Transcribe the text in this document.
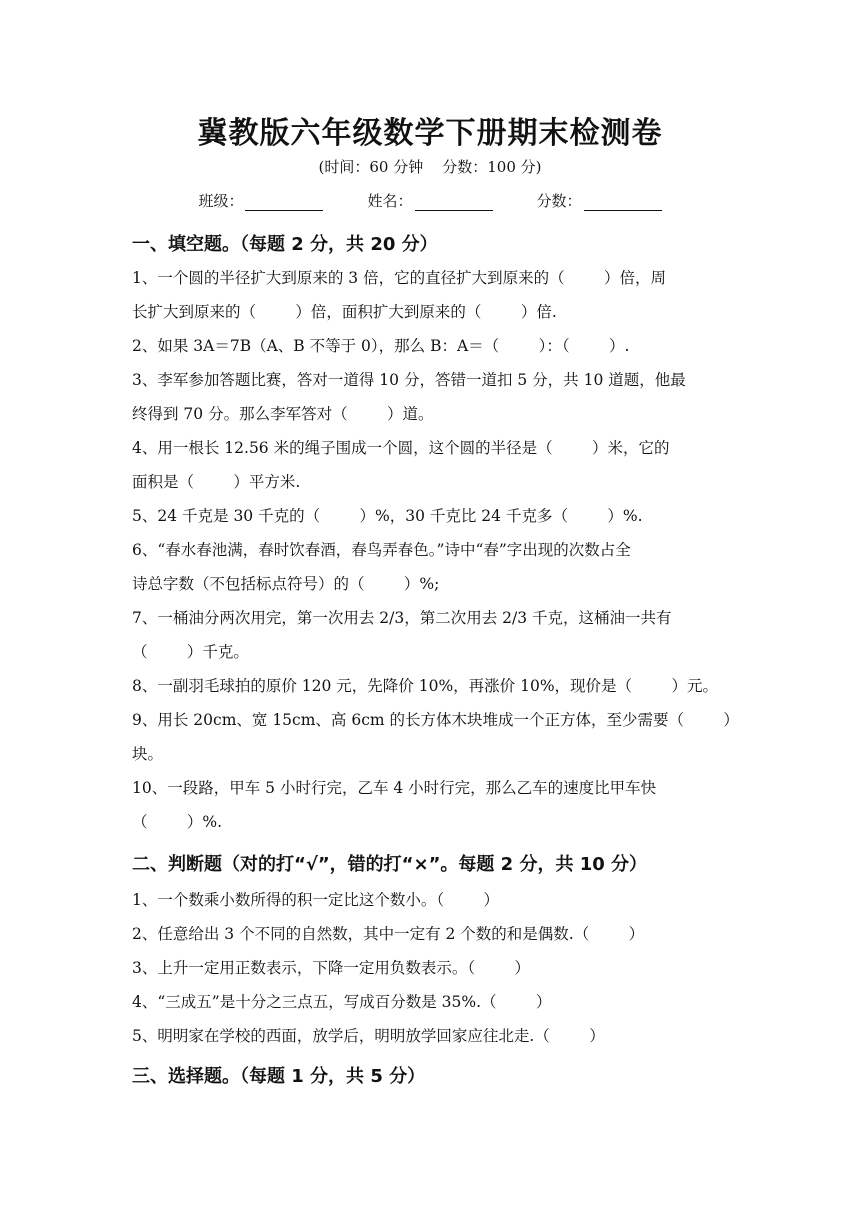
冀教版六年级数学下册期末检测卷
(时间：60 分钟    分数：100 分)
班级：	姓名：	分数：
一、填空题。（每题 2 分，共 20 分）
1、一个圆的半径扩大到原来的 3 倍，它的直径扩大到原来的（        ）倍，周
长扩大到原来的（        ）倍，面积扩大到原来的（        ）倍.
2、如果 3A＝7B（A、B 不等于 0），那么 B：A＝（        ）：（        ）.
3、李军参加答题比赛，答对一道得 10 分，答错一道扣 5 分，共 10 道题，他最
终得到 70 分。那么李军答对（        ）道。
4、用一根长 12.56 米的绳子围成一个圆，这个圆的半径是（        ）米，它的
面积是（        ）平方米.
5、24 千克是 30 千克的（        ）%，30 千克比 24 千克多（        ）%.
6、“春水春池满，春时饮春酒，春鸟弄春色。”诗中“春”字出现的次数占全
诗总字数（不包括标点符号）的（        ）%;
7、一桶油分两次用完，第一次用去 2/3，第二次用去 2/3 千克，这桶油一共有
（        ）千克。
8、一副羽毛球拍的原价 120 元，先降价 10%，再涨价 10%，现价是（        ）元。
9、用长 20cm、宽 15cm、高 6cm 的长方体木块堆成一个正方体，至少需要（        ）
块。
10、一段路，甲车 5 小时行完，乙车 4 小时行完，那么乙车的速度比甲车快
（        ）%.
二、判断题（对的打“√”，错的打“×”。每题 2 分，共 10 分）
1、一个数乘小数所得的积一定比这个数小。（        ）
2、任意给出 3 个不同的自然数，其中一定有 2 个数的和是偶数.（        ）
3、上升一定用正数表示，下降一定用负数表示。（        ）
4、“三成五”是十分之三点五，写成百分数是 35%.（        ）
5、明明家在学校的西面，放学后，明明放学回家应往北走.（        ）
三、选择题。（每题 1 分，共 5 分）
